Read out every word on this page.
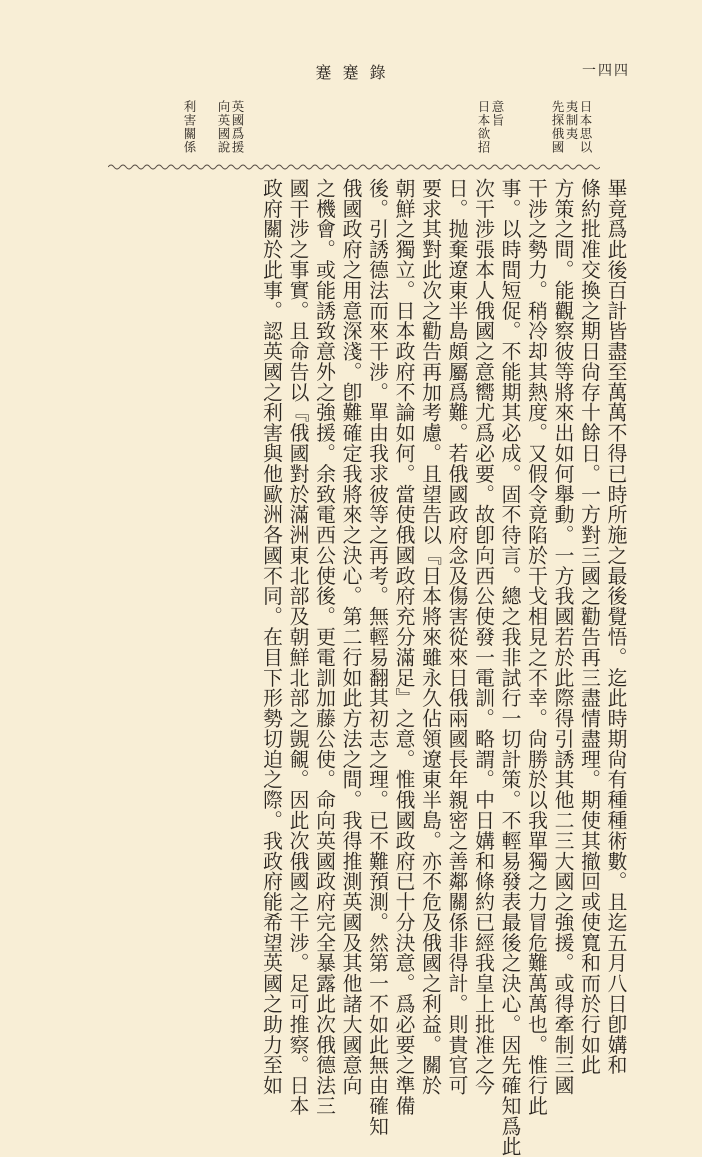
蹇 蹇 錄	一四四
日本思以
夷制夷
先探俄國
意旨
日本欲招
英國爲援
向英國說
利害關係
畢竟爲此後百計皆盡至萬萬不得已時所施之最後覺悟。迄此時期尙有種種術數。且迄五月八日卽媾和
條約批准交換之期日尙存十餘日。一方對三國之勸告再三盡情盡理。期使其撤回或使寬和而於行如此
方策之間。能觀察彼等將來出如何舉動。一方我國若於此際得引誘其他二三大國之強援。或得牽制三國
干涉之勢力。稍冷却其熱度。又假令竟陷於干戈相見之不幸。尙勝於以我單獨之力冒危難萬萬也。惟行此
事。以時間短促。不能期其必成。固不待言。總之我非試行一切計策。不輕易發表最後之決心。因先確知爲此
次干涉張本人俄國之意嚮尤爲必要。故卽向西公使發一電訓。略謂。中日媾和條約已經我皇上批准之今
日。抛棄遼東半島頗屬爲難。若俄國政府念及傷害從來日俄兩國長年親密之善鄰關係非得計。則貴官可
要求其對此次之勸告再加考慮。且望告以『日本將來雖永久佔領遼東半島。亦不危及俄國之利益。關於
朝鮮之獨立。日本政府不論如何。當使俄國政府充分滿足』之意。惟俄國政府已十分決意。爲必要之準備
後。引誘德法而來干涉。單由我求彼等之再考。無輕易翻其初志之理。已不難預測。然第一不如此無由確知
俄國政府之用意深淺。卽難確定我將來之決心。第二行如此方法之間。我得推測英國及其他諸大國意向
之機會。或能誘致意外之強援。余致電西公使後。更電訓加藤公使。命向英國政府完全暴露此次俄德法三
國干涉之事實。且命告以『俄國對於滿洲東北部及朝鮮北部之覬覦。因此次俄國之干涉。足可推察。日本
政府關於此事。認英國之利害與他歐洲各國不同。在目下形勢切迫之際。我政府能希望英國之助力至如
